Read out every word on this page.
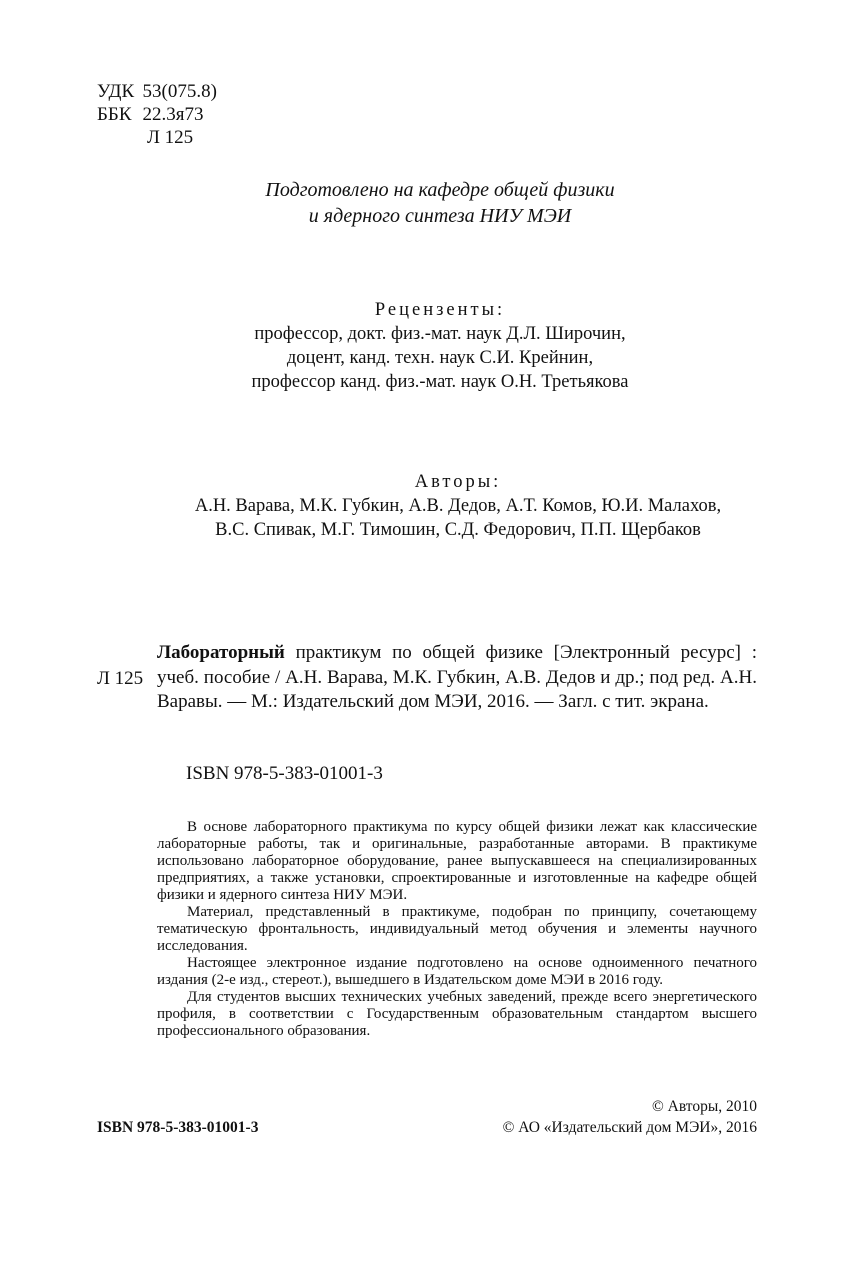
УДК 53(075.8)
ББК 22.3я73
Л 125
Подготовлено на кафедре общей физики
и ядерного синтеза НИУ МЭИ
Рецензенты:
профессор, докт. физ.-мат. наук Д.Л. Широчин,
доцент, канд. техн. наук С.И. Крейнин,
профессор канд. физ.-мат. наук О.Н. Третьякова
Авторы:
А.Н. Варава, М.К. Губкин, А.В. Дедов, А.Т. Комов, Ю.И. Малахов,
В.С. Спивак, М.Г. Тимошин, С.Д. Федорович, П.П. Щербаков
Л 125
Лабораторный практикум по общей физике [Электронный ресурс] : учеб. пособие / А.Н. Варава, М.К. Губкин, А.В. Дедов и др.; под ред. А.Н. Варавы. — М.: Издательский дом МЭИ, 2016. — Загл. с тит. экрана.
ISBN 978-5-383-01001-3

В основе лабораторного практикума по курсу общей физики лежат как классические лабораторные работы, так и оригинальные, разработанные авторами. В практикуме использовано лабораторное оборудование, ранее выпускавшееся на специализированных предприятиях, а также установки, спроектированные и изготовленные на кафедре общей физики и ядерного синтеза НИУ МЭИ.

Материал, представленный в практикуме, подобран по принципу, сочетающему тематическую фронтальность, индивидуальный метод обучения и элементы научного исследования.

Настоящее электронное издание подготовлено на основе одноименного печатного издания (2-е изд., стереот.), вышедшего в Издательском доме МЭИ в 2016 году.

Для студентов высших технических учебных заведений, прежде всего энергетического профиля, в соответствии с Государственным образовательным стандартом высшего профессионального образования.

ISBN 978-5-383-01001-3
© Авторы, 2010
© АО «Издательский дом МЭИ», 2016
